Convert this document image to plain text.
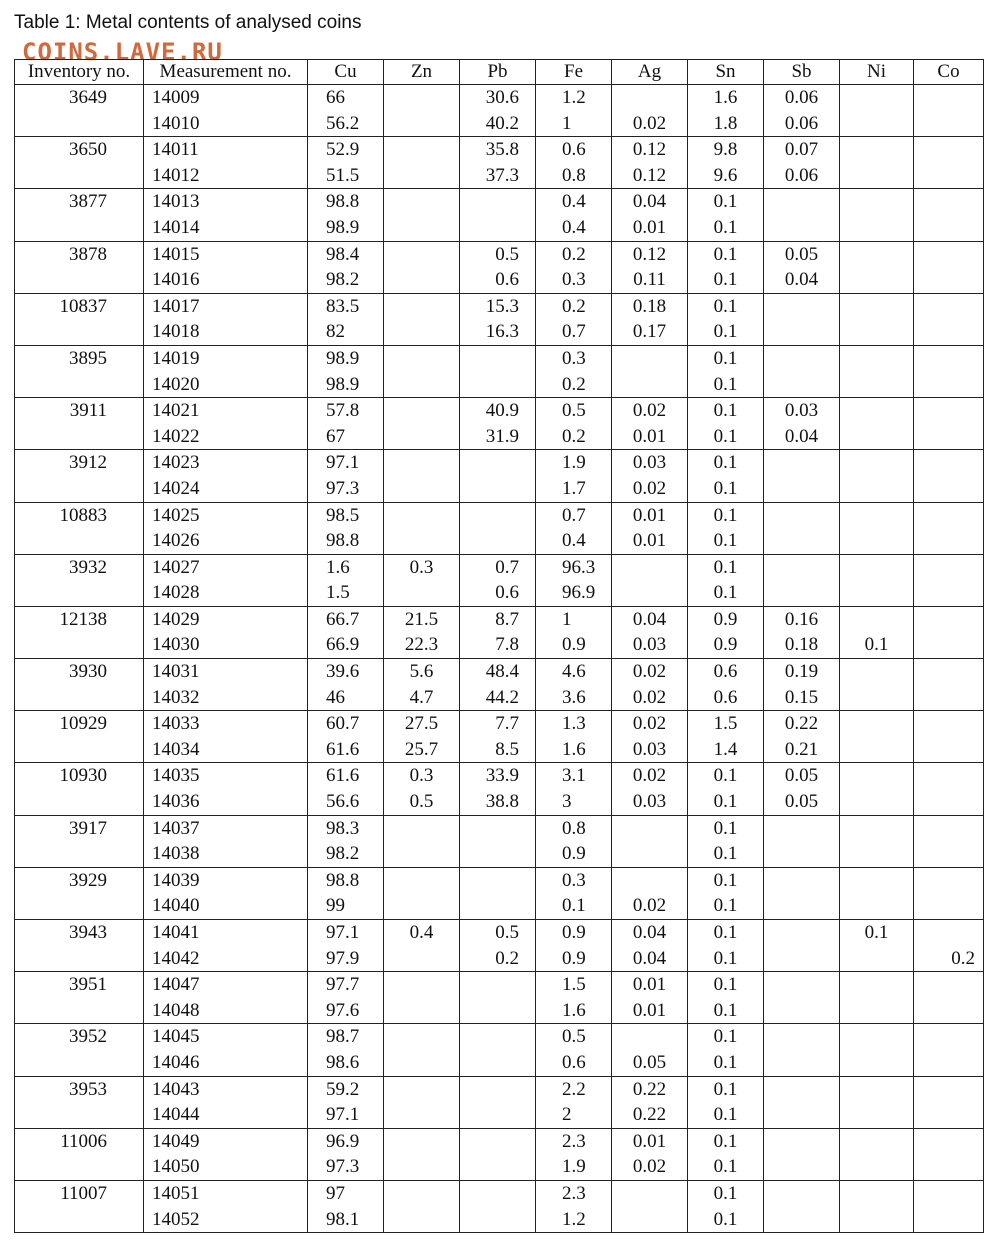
Table 1: Metal contents of analysed coins
COINS.LAVE.RU
Inventory no.	Measurement no.	Cu	Zn	Pb	Fe	Ag	Sn	Sb	Ni	Co
3649	14009	66		30.6	1.2		1.6	0.06		
	14010	56.2		40.2	1	0.02	1.8	0.06		
3650	14011	52.9		35.8	0.6	0.12	9.8	0.07		
	14012	51.5		37.3	0.8	0.12	9.6	0.06		
3877	14013	98.8			0.4	0.04	0.1			
	14014	98.9			0.4	0.01	0.1			
3878	14015	98.4		0.5	0.2	0.12	0.1	0.05		
	14016	98.2		0.6	0.3	0.11	0.1	0.04		
10837	14017	83.5		15.3	0.2	0.18	0.1			
	14018	82		16.3	0.7	0.17	0.1			
3895	14019	98.9			0.3		0.1			
	14020	98.9			0.2		0.1			
3911	14021	57.8		40.9	0.5	0.02	0.1	0.03		
	14022	67		31.9	0.2	0.01	0.1	0.04		
3912	14023	97.1			1.9	0.03	0.1			
	14024	97.3			1.7	0.02	0.1			
10883	14025	98.5			0.7	0.01	0.1			
	14026	98.8			0.4	0.01	0.1			
3932	14027	1.6	0.3	0.7	96.3		0.1			
	14028	1.5		0.6	96.9		0.1			
12138	14029	66.7	21.5	8.7	1	0.04	0.9	0.16		
	14030	66.9	22.3	7.8	0.9	0.03	0.9	0.18	0.1	
3930	14031	39.6	5.6	48.4	4.6	0.02	0.6	0.19		
	14032	46	4.7	44.2	3.6	0.02	0.6	0.15		
10929	14033	60.7	27.5	7.7	1.3	0.02	1.5	0.22		
	14034	61.6	25.7	8.5	1.6	0.03	1.4	0.21		
10930	14035	61.6	0.3	33.9	3.1	0.02	0.1	0.05		
	14036	56.6	0.5	38.8	3	0.03	0.1	0.05		
3917	14037	98.3			0.8		0.1			
	14038	98.2			0.9		0.1			
3929	14039	98.8			0.3		0.1			
	14040	99			0.1	0.02	0.1			
3943	14041	97.1	0.4	0.5	0.9	0.04	0.1		0.1	
	14042	97.9		0.2	0.9	0.04	0.1			0.2
3951	14047	97.7			1.5	0.01	0.1			
	14048	97.6			1.6	0.01	0.1			
3952	14045	98.7			0.5		0.1			
	14046	98.6			0.6	0.05	0.1			
3953	14043	59.2			2.2	0.22	0.1			
	14044	97.1			2	0.22	0.1			
11006	14049	96.9			2.3	0.01	0.1			
	14050	97.3			1.9	0.02	0.1			
11007	14051	97			2.3		0.1			
	14052	98.1			1.2		0.1			
